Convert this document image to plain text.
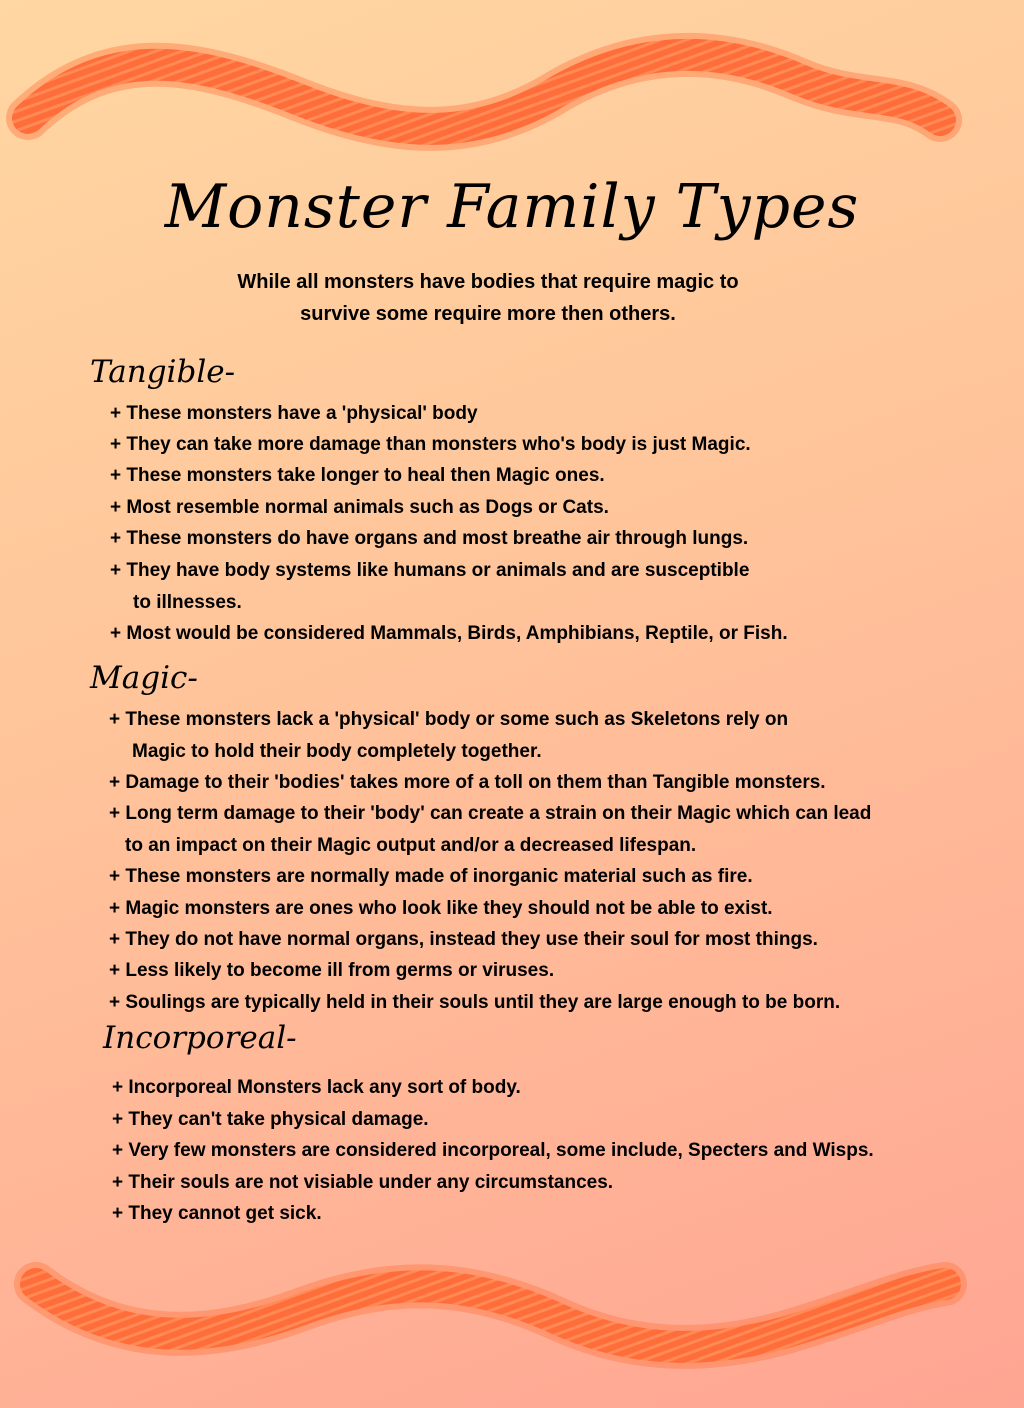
Monster Family Types
While all monsters have bodies that require magic to
survive some require more then others.
Tangible-
+ These monsters have a 'physical' body
+ They can take more damage than monsters who's body is just Magic.
+ These monsters take longer to heal then Magic ones.
+ Most resemble normal animals such as Dogs or Cats.
+ These monsters do have organs and most breathe air through lungs.
+ They have body systems like humans or animals and are susceptible
to illnesses.
+ Most would be considered Mammals, Birds, Amphibians, Reptile, or Fish.
Magic-
+ These monsters lack a 'physical' body or some such as Skeletons rely on
Magic to hold their body completely together.
+ Damage to their 'bodies' takes more of a toll on them than Tangible monsters.
+ Long term damage to their 'body' can create a strain on their Magic which can lead
to an impact on their Magic output and/or a decreased lifespan.
+ These monsters are normally made of inorganic material such as fire.
+ Magic monsters are ones who look like they should not be able to exist.
+ They do not have normal organs, instead they use their soul for most things.
+ Less likely to become ill from germs or viruses.
+ Soulings are typically held in their souls until they are large enough to be born.
Incorporeal-
+ Incorporeal Monsters lack any sort of body.
+ They can't take physical damage.
+ Very few monsters are considered incorporeal, some include, Specters and Wisps.
+ Their souls are not visiable under any circumstances.
+ They cannot get sick.
